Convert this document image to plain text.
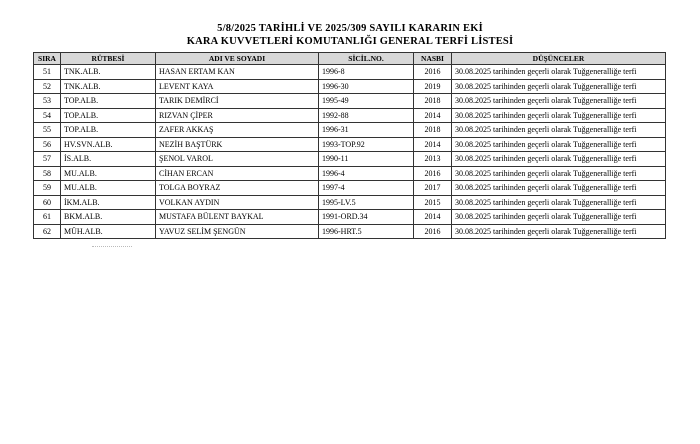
5/8/2025 TARİHLİ VE 2025/309 SAYILI KARARIN EKİ
KARA KUVVETLERİ KOMUTANLIĞI GENERAL TERFİ LİSTESİ
SIRA	RÜTBESİ	ADI VE SOYADI	SİCİL.NO.	NASBI	DÜŞÜNCELER
51	TNK.ALB.	HASAN ERTAM KAN	1996-8	2016	30.08.2025 tarihinden geçerli olarak Tuğgeneralliğe terfi
52	TNK.ALB.	LEVENT KAYA	1996-30	2019	30.08.2025 tarihinden geçerli olarak Tuğgeneralliğe terfi
53	TOP.ALB.	TARIK DEMİRCİ	1995-49	2018	30.08.2025 tarihinden geçerli olarak Tuğgeneralliğe terfi
54	TOP.ALB.	RIZVAN ÇİPER	1992-88	2014	30.08.2025 tarihinden geçerli olarak Tuğgeneralliğe terfi
55	TOP.ALB.	ZAFER AKKAŞ	1996-31	2018	30.08.2025 tarihinden geçerli olarak Tuğgeneralliğe terfi
56	HV.SVN.ALB.	NEZİH BAŞTÜRK	1993-TOP.92	2014	30.08.2025 tarihinden geçerli olarak Tuğgeneralliğe terfi
57	İS.ALB.	ŞENOL VAROL	1990-11	2013	30.08.2025 tarihinden geçerli olarak Tuğgeneralliğe terfi
58	MU.ALB.	CİHAN ERCAN	1996-4	2016	30.08.2025 tarihinden geçerli olarak Tuğgeneralliğe terfi
59	MU.ALB.	TOLGA BOYRAZ	1997-4	2017	30.08.2025 tarihinden geçerli olarak Tuğgeneralliğe terfi
60	İKM.ALB.	VOLKAN AYDIN	1995-LV.5	2015	30.08.2025 tarihinden geçerli olarak Tuğgeneralliğe terfi
61	BKM.ALB.	MUSTAFA BÜLENT BAYKAL	1991-ORD.34	2014	30.08.2025 tarihinden geçerli olarak Tuğgeneralliğe terfi
62	MÜH.ALB.	YAVUZ SELİM ŞENGÜN	1996-HRT.5	2016	30.08.2025 tarihinden geçerli olarak Tuğgeneralliğe terfi
